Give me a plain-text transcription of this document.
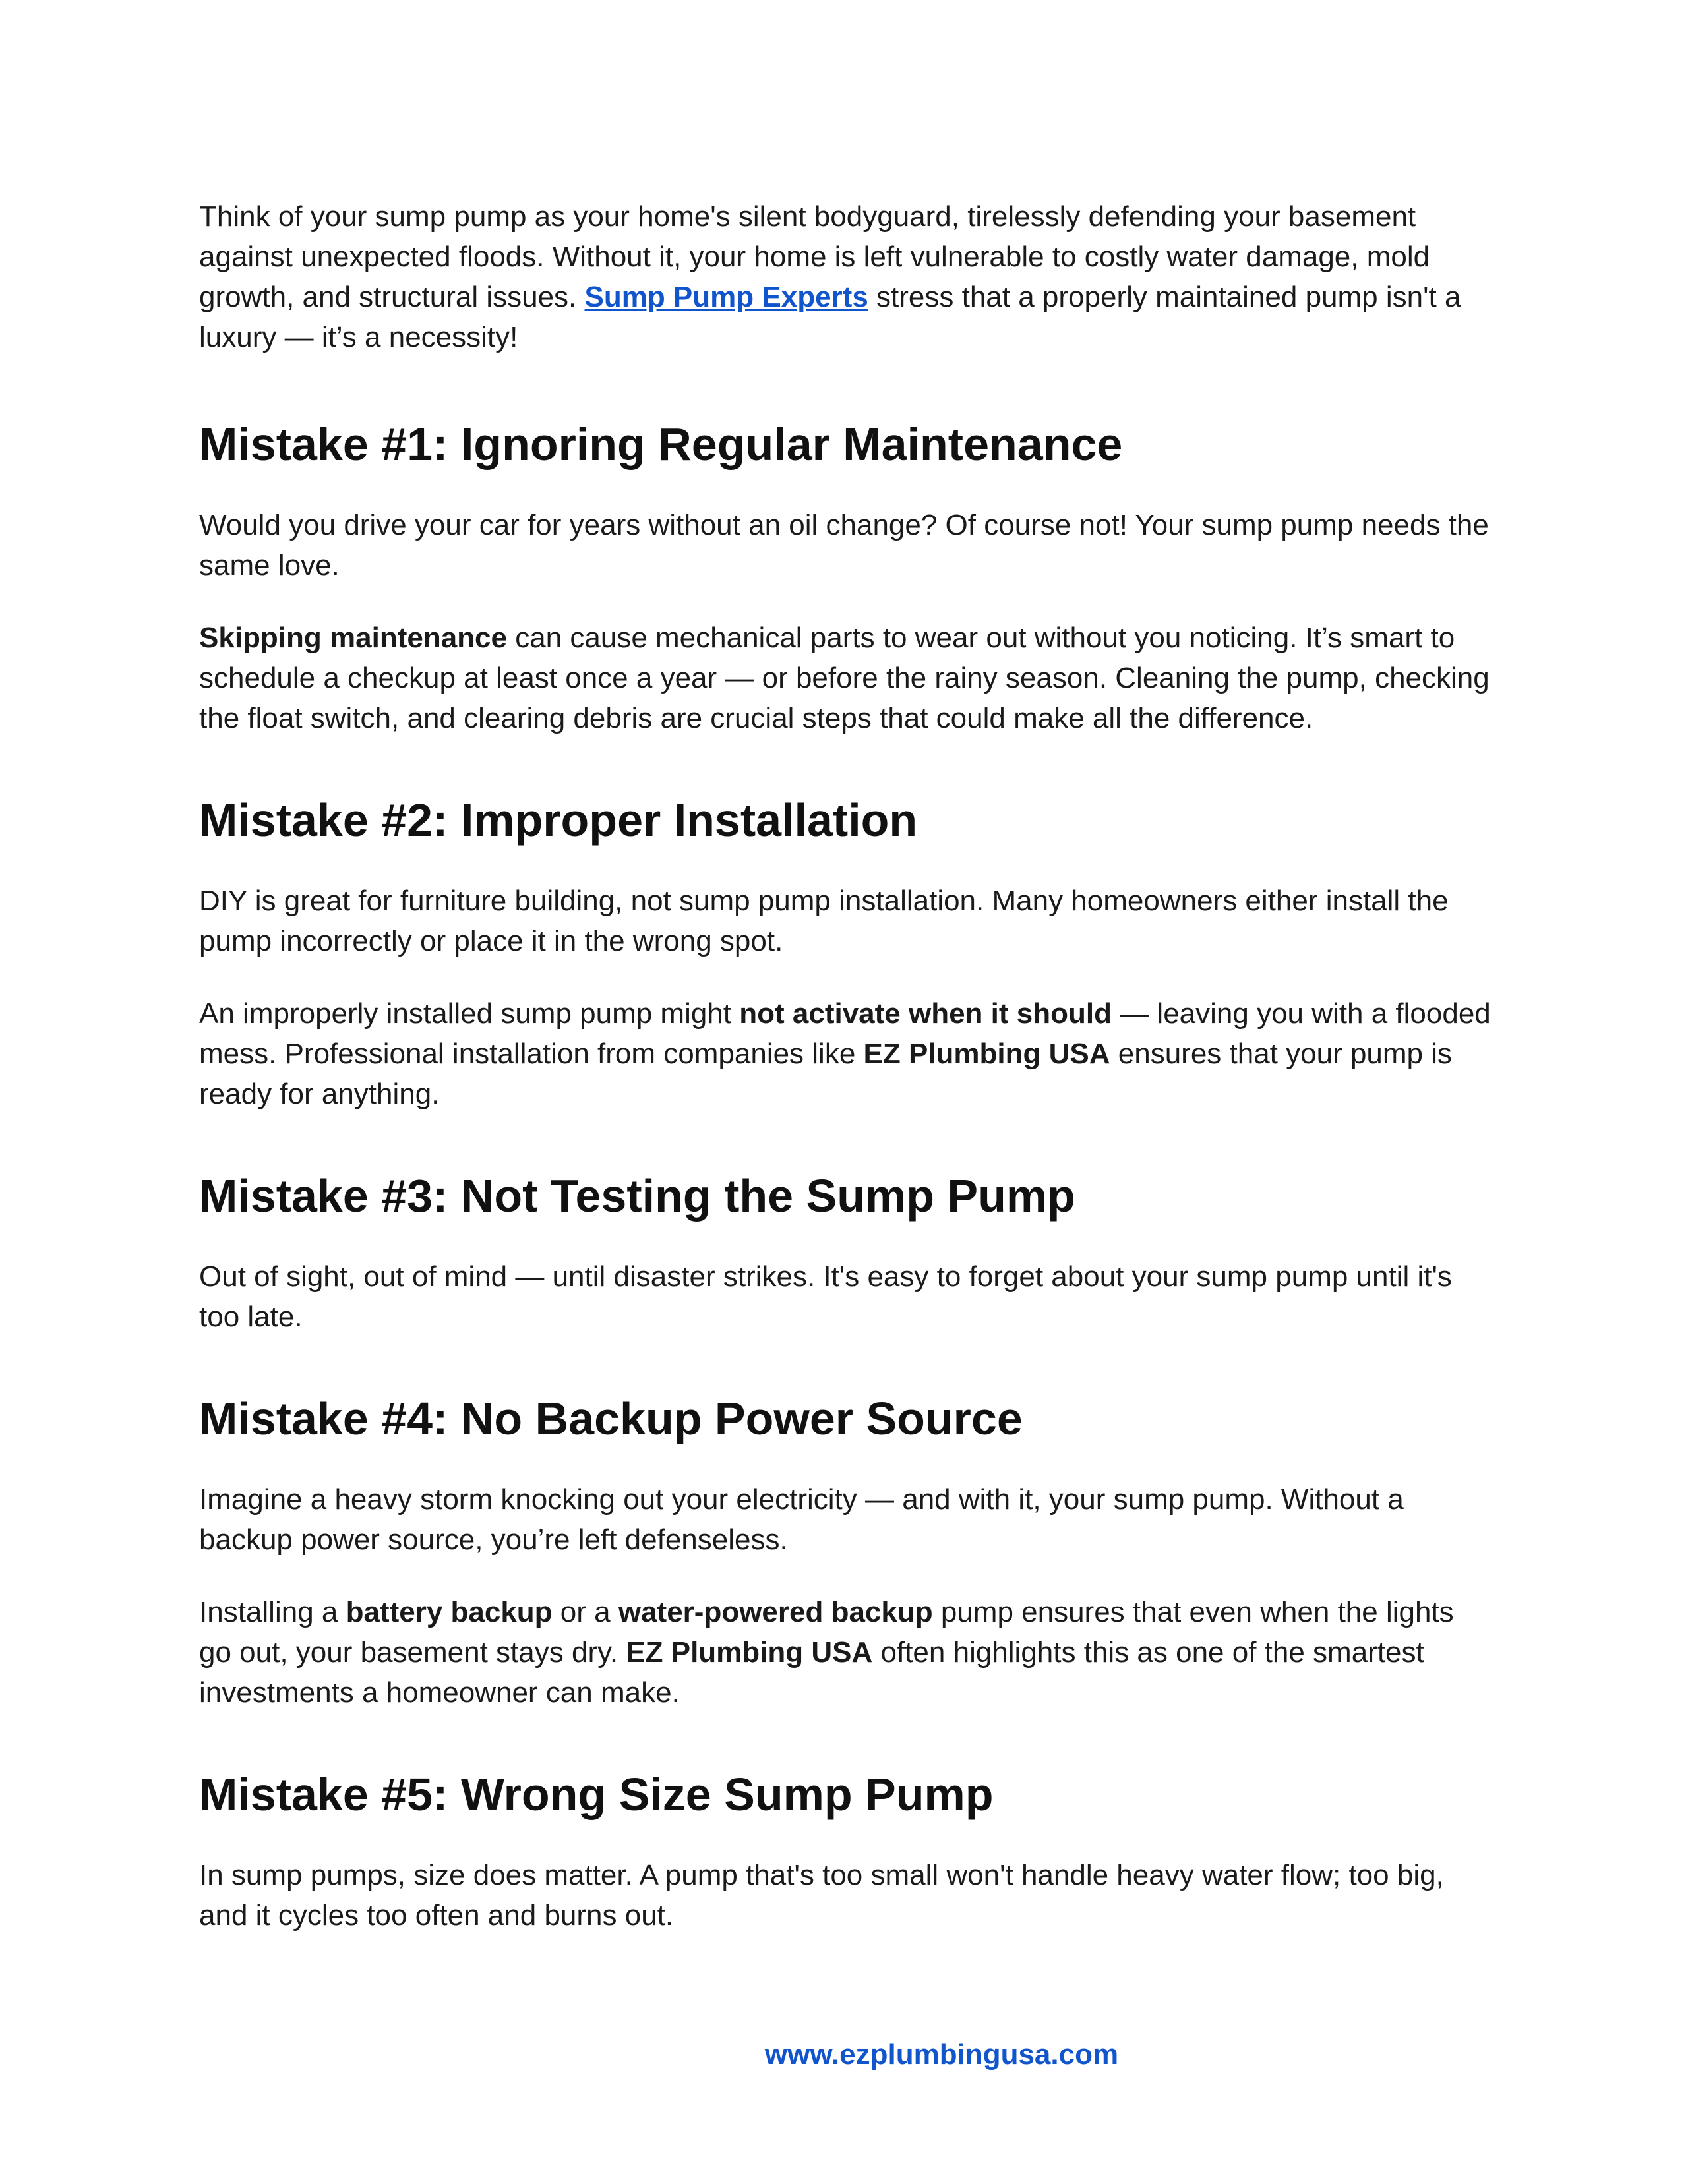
Think of your sump pump as your home's silent bodyguard, tirelessly defending your basement against unexpected floods. Without it, your home is left vulnerable to costly water damage, mold growth, and structural issues. Sump Pump Experts stress that a properly maintained pump isn't a luxury — it’s a necessity!

Mistake #1: Ignoring Regular Maintenance

Would you drive your car for years without an oil change? Of course not! Your sump pump needs the same love.

Skipping maintenance can cause mechanical parts to wear out without you noticing. It’s smart to schedule a checkup at least once a year — or before the rainy season. Cleaning the pump, checking the float switch, and clearing debris are crucial steps that could make all the difference.

Mistake #2: Improper Installation

DIY is great for furniture building, not sump pump installation. Many homeowners either install the pump incorrectly or place it in the wrong spot.

An improperly installed sump pump might not activate when it should — leaving you with a flooded mess. Professional installation from companies like EZ Plumbing USA ensures that your pump is ready for anything.

Mistake #3: Not Testing the Sump Pump

Out of sight, out of mind — until disaster strikes. It's easy to forget about your sump pump until it's too late.

Mistake #4: No Backup Power Source

Imagine a heavy storm knocking out your electricity — and with it, your sump pump. Without a backup power source, you’re left defenseless.

Installing a battery backup or a water-powered backup pump ensures that even when the lights go out, your basement stays dry. EZ Plumbing USA often highlights this as one of the smartest investments a homeowner can make.

Mistake #5: Wrong Size Sump Pump

In sump pumps, size does matter. A pump that's too small won't handle heavy water flow; too big, and it cycles too often and burns out.

www.ezplumbingusa.com
